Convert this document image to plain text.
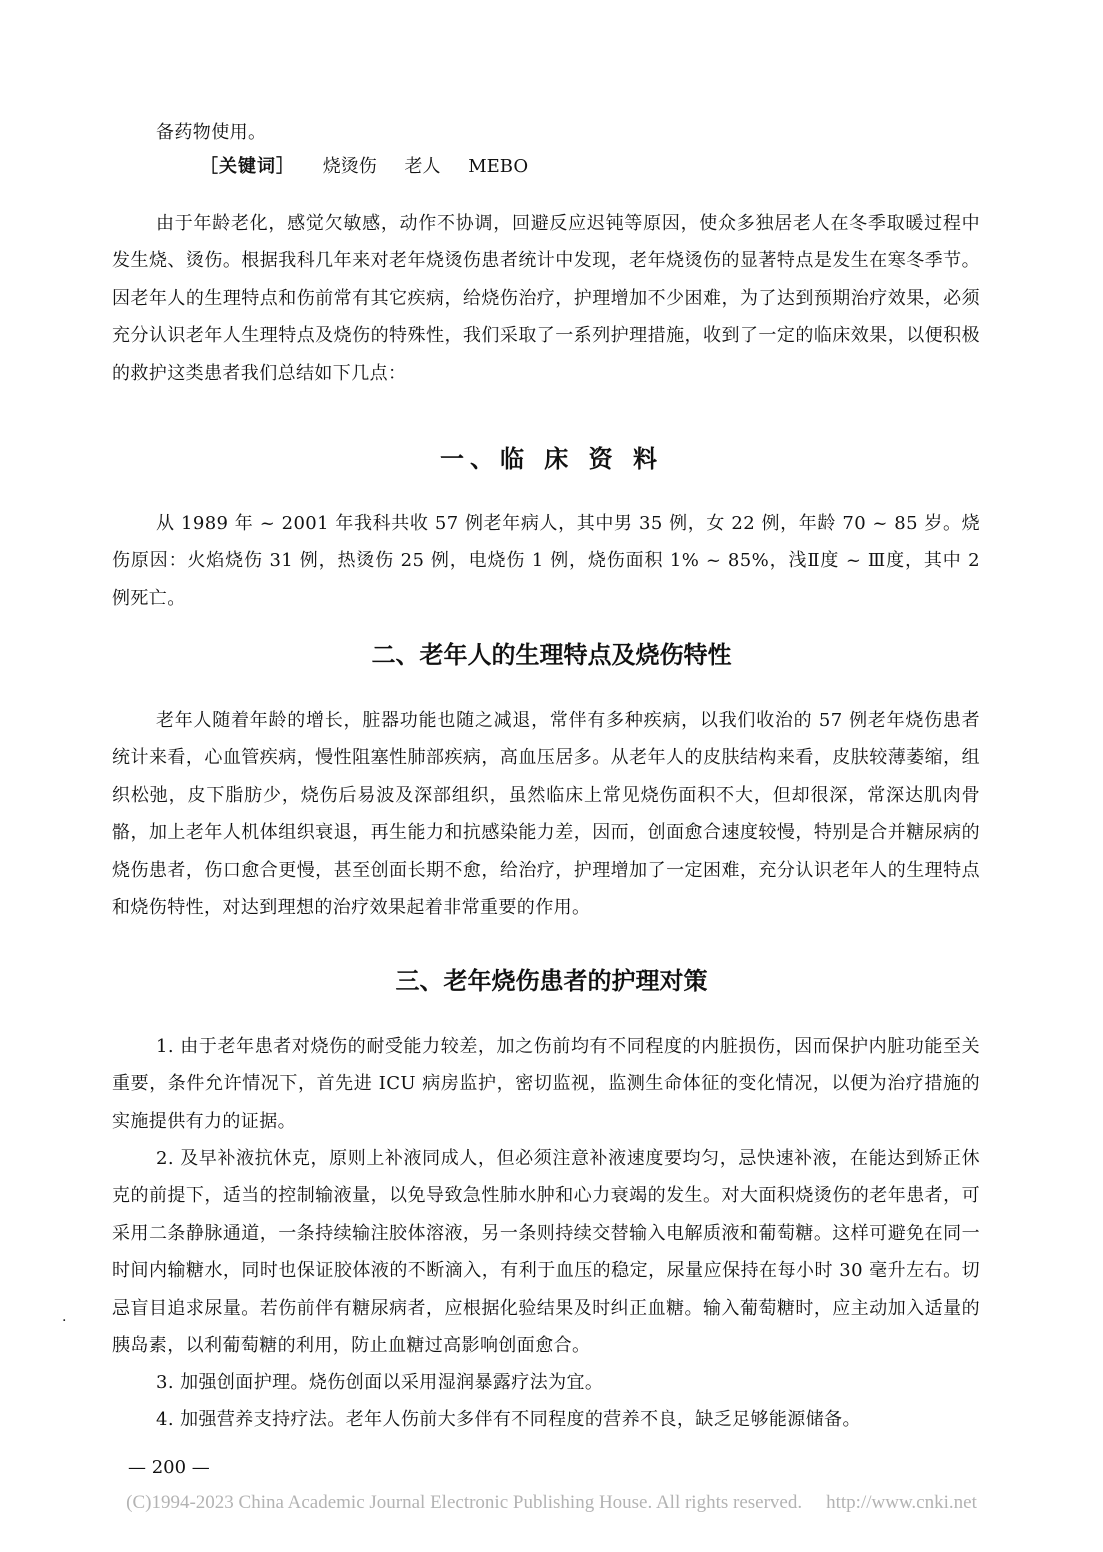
备药物使用。
［关键词］ 烧烫伤 老人 MEBO

由于年龄老化，感觉欠敏感，动作不协调，回避反应迟钝等原因，使众多独居老人在冬季取暖过程中发生烧、烫伤。根据我科几年来对老年烧烫伤患者统计中发现，老年烧烫伤的显著特点是发生在寒冬季节。因老年人的生理特点和伤前常有其它疾病，给烧伤治疗，护理增加不少困难，为了达到预期治疗效果，必须充分认识老年人生理特点及烧伤的特殊性，我们采取了一系列护理措施，收到了一定的临床效果，以便积极的救护这类患者我们总结如下几点：

一、临 床 资 料

从 1989 年 ~ 2001 年我科共收 57 例老年病人，其中男 35 例，女 22 例，年龄 70 ~ 85 岁。烧伤原因：火焰烧伤 31 例，热烫伤 25 例，电烧伤 1 例，烧伤面积 1% ~ 85%，浅Ⅱ度 ~ Ⅲ度，其中 2 例死亡。

二、老年人的生理特点及烧伤特性

老年人随着年龄的增长，脏器功能也随之减退，常伴有多种疾病，以我们收治的 57 例老年烧伤患者统计来看，心血管疾病，慢性阻塞性肺部疾病，高血压居多。从老年人的皮肤结构来看，皮肤较薄萎缩，组织松弛，皮下脂肪少，烧伤后易波及深部组织，虽然临床上常见烧伤面积不大，但却很深，常深达肌肉骨骼，加上老年人机体组织衰退，再生能力和抗感染能力差，因而，创面愈合速度较慢，特别是合并糖尿病的烧伤患者，伤口愈合更慢，甚至创面长期不愈，给治疗，护理增加了一定困难，充分认识老年人的生理特点和烧伤特性，对达到理想的治疗效果起着非常重要的作用。

三、老年烧伤患者的护理对策

1. 由于老年患者对烧伤的耐受能力较差，加之伤前均有不同程度的内脏损伤，因而保护内脏功能至关重要，条件允许情况下，首先进 ICU 病房监护，密切监视，监测生命体征的变化情况，以便为治疗措施的实施提供有力的证据。

2. 及早补液抗休克，原则上补液同成人，但必须注意补液速度要均匀，忌快速补液，在能达到矫正休克的前提下，适当的控制输液量，以免导致急性肺水肿和心力衰竭的发生。对大面积烧烫伤的老年患者，可采用二条静脉通道，一条持续输注胶体溶液，另一条则持续交替输入电解质液和葡萄糖。这样可避免在同一时间内输糖水，同时也保证胶体液的不断滴入，有利于血压的稳定，尿量应保持在每小时 30 毫升左右。切忌盲目追求尿量。若伤前伴有糖尿病者，应根据化验结果及时纠正血糖。输入葡萄糖时，应主动加入适量的胰岛素，以利葡萄糖的利用，防止血糖过高影响创面愈合。

3. 加强创面护理。烧伤创面以采用湿润暴露疗法为宜。

4. 加强营养支持疗法。老年人伤前大多伴有不同程度的营养不良，缺乏足够能源储备。

.
— 200 —
(C)1994-2023 China Academic Journal Electronic Publishing House. All rights reserved. http://www.cnki.net
